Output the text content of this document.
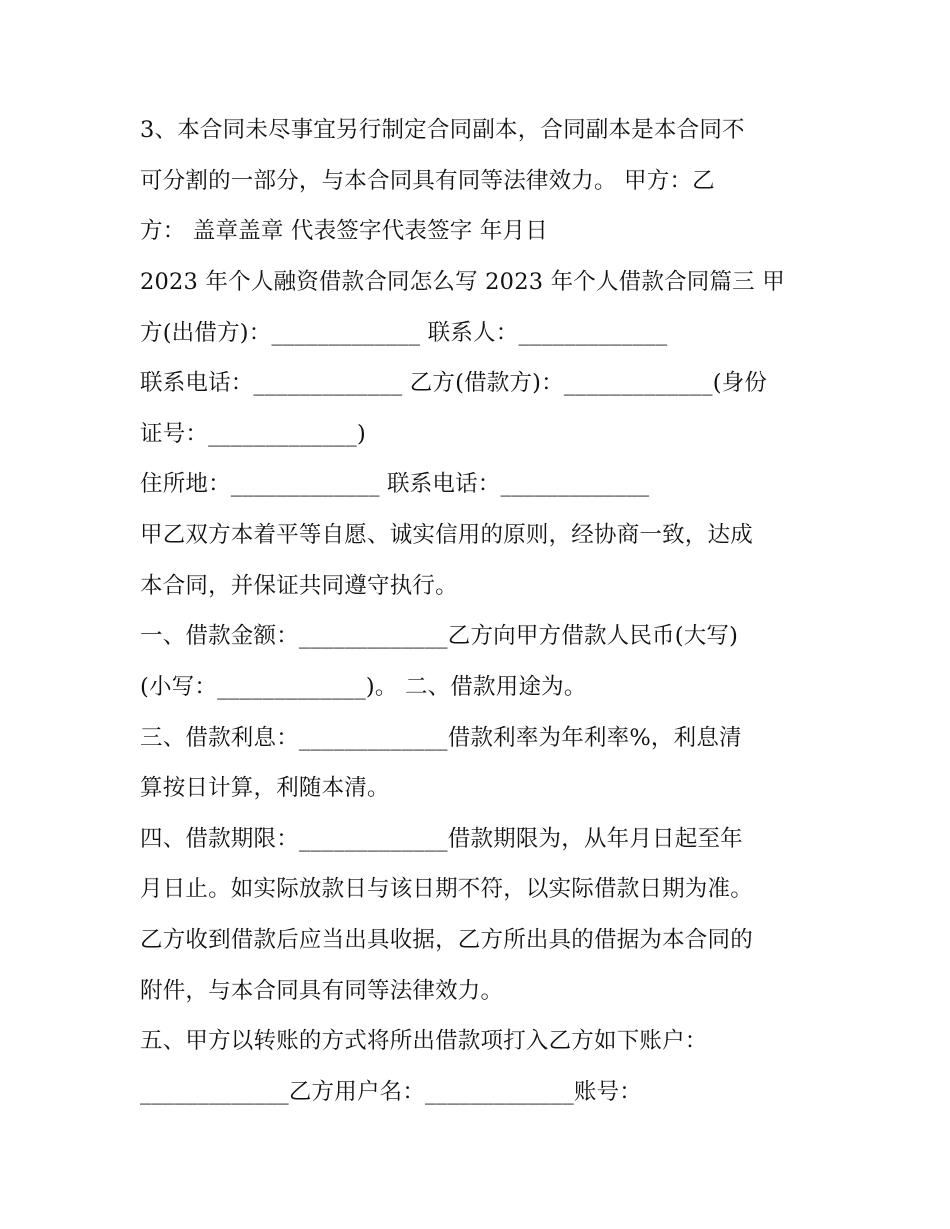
3、本合同未尽事宜另行制定合同副本，合同副本是本合同不
可分割的一部分，与本合同具有同等法律效力。 甲方：乙
方： 盖章盖章 代表签字代表签字 年月日
2023 年个人融资借款合同怎么写 2023 年个人借款合同篇三 甲
方(出借方)：_____________ 联系人：_____________
联系电话：_____________ 乙方(借款方)：_____________(身份
证号：_____________)
住所地：_____________ 联系电话：_____________
甲乙双方本着平等自愿、诚实信用的原则，经协商一致，达成
本合同，并保证共同遵守执行。
一、借款金额：_____________乙方向甲方借款人民币(大写)
(小写：_____________)。 二、借款用途为。
三、借款利息：_____________借款利率为年利率%，利息清
算按日计算，利随本清。
四、借款期限：_____________借款期限为，从年月日起至年
月日止。如实际放款日与该日期不符，以实际借款日期为准。
乙方收到借款后应当出具收据，乙方所出具的借据为本合同的
附件，与本合同具有同等法律效力。
五、甲方以转账的方式将所出借款项打入乙方如下账户：
_____________乙方用户名：_____________账号：
